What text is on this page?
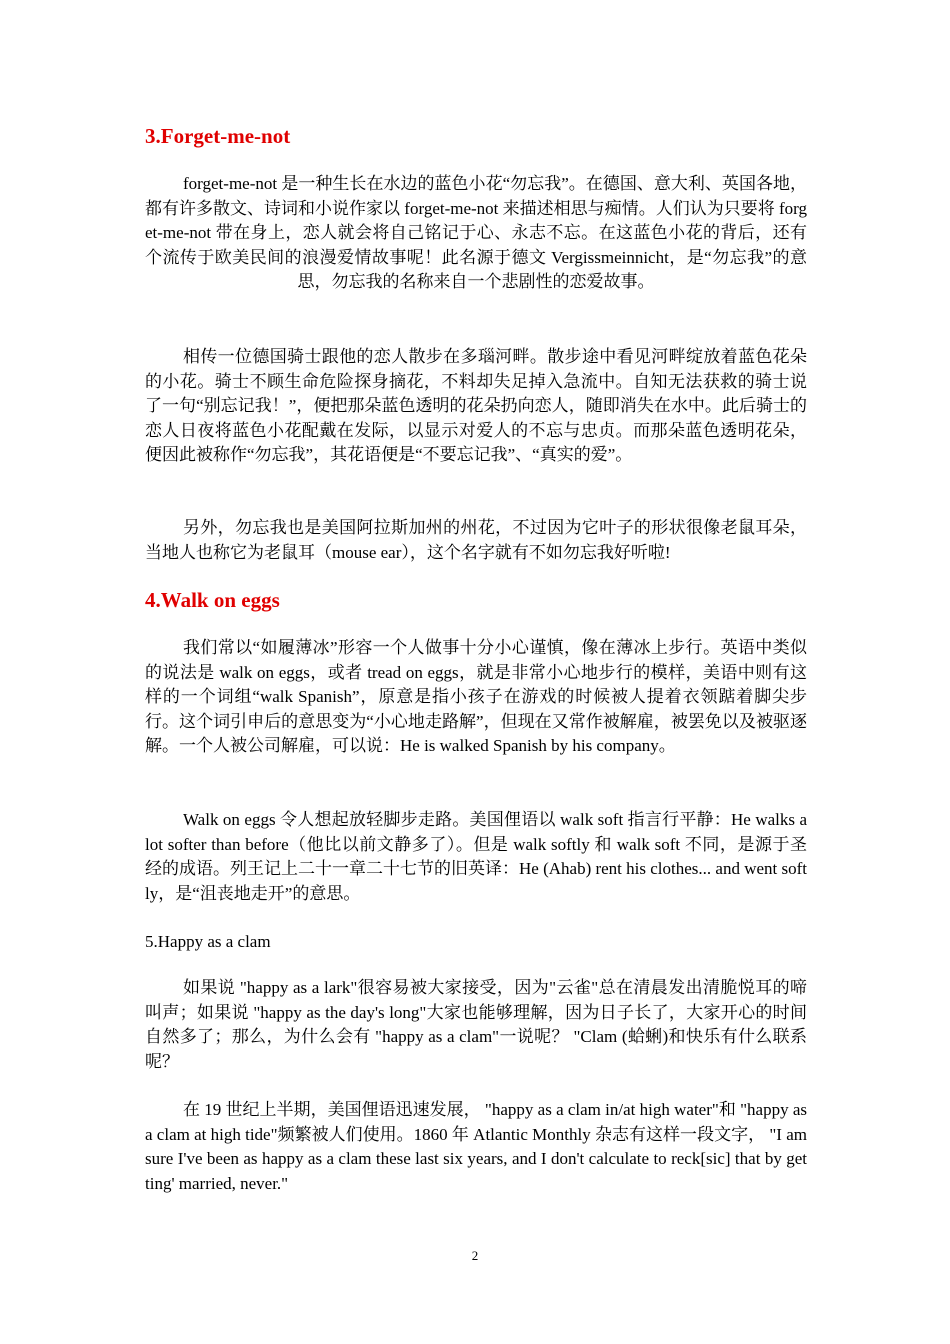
3.Forget-me-not

forget-me-not 是一种生长在水边的蓝色小花“勿忘我”。在德国、意大利、英国各地，都有许多散文、诗词和小说作家以 forget-me-not 来描述相思与痴情。人们认为只要将 forget-me-not 带在身上，恋人就会将自己铭记于心、永志不忘。在这蓝色小花的背后，还有个流传于欧美民间的浪漫爱情故事呢！此名源于德文 Vergissmeinnicht，是“勿忘我”的意思，勿忘我的名称来自一个悲剧性的恋爱故事。

相传一位德国骑士跟他的恋人散步在多瑙河畔。散步途中看见河畔绽放着蓝色花朵的小花。骑士不顾生命危险探身摘花，不料却失足掉入急流中。自知无法获救的骑士说了一句“别忘记我！”，便把那朵蓝色透明的花朵扔向恋人，随即消失在水中。此后骑士的恋人日夜将蓝色小花配戴在发际，以显示对爱人的不忘与忠贞。而那朵蓝色透明花朵，便因此被称作“勿忘我”，其花语便是“不要忘记我”、“真实的爱”。

另外，勿忘我也是美国阿拉斯加州的州花，不过因为它叶子的形状很像老鼠耳朵，当地人也称它为老鼠耳（mouse ear），这个名字就有不如勿忘我好听啦!

4.Walk on eggs

我们常以“如履薄冰”形容一个人做事十分小心谨慎，像在薄冰上步行。英语中类似的说法是 walk on eggs，或者 tread on eggs，就是非常小心地步行的模样，美语中则有这样的一个词组“walk Spanish”，原意是指小孩子在游戏的时候被人提着衣领踮着脚尖步行。这个词引申后的意思变为“小心地走路解”，但现在又常作被解雇，被罢免以及被驱逐解。一个人被公司解雇，可以说：He is walked Spanish by his company。

Walk on eggs 令人想起放轻脚步走路。美国俚语以 walk soft 指言行平静：He walks a lot softer than before（他比以前文静多了）。但是 walk softly 和 walk soft 不同，是源于圣经的成语。列王记上二十一章二十七节的旧英译：He (Ahab) rent his clothes... and went softly，是“沮丧地走开”的意思。

5.Happy as a clam

如果说 "happy as a lark"很容易被大家接受，因为"云雀"总在清晨发出清脆悦耳的啼叫声；如果说 "happy as the day's long"大家也能够理解，因为日子长了，大家开心的时间自然多了；那么，为什么会有 "happy as a clam"一说呢？ "Clam (蛤蜊)和快乐有什么联系呢？

在 19 世纪上半期，美国俚语迅速发展， "happy as a clam in/at high water"和 "happy as a clam at high tide"频繁被人们使用。1860 年 Atlantic Monthly 杂志有这样一段文字， "I am sure I've been as happy as a clam these last six years, and I don't calculate to reck[sic] that by getting' married, never."

2
